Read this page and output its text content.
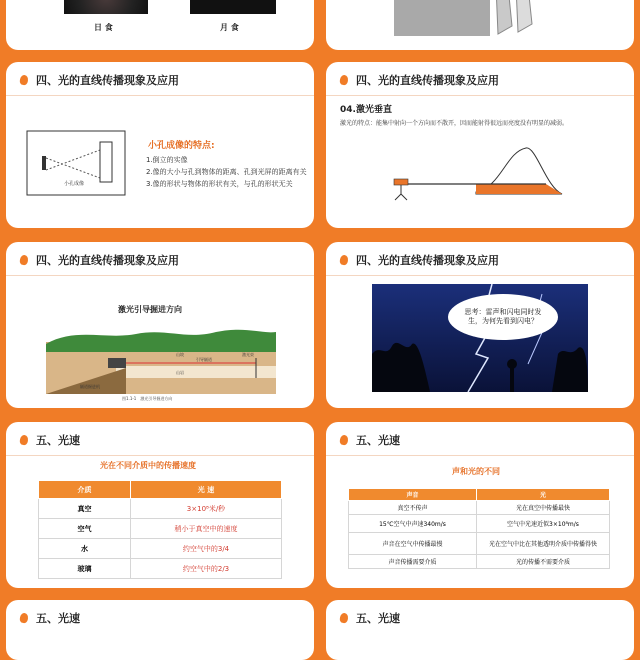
日 食	月 食
四、光的直线传播现象及应用
小孔成像
小孔成像的特点:
1.倒立的实像
2.像的大小与孔到物体的距离、孔到光屏的距离有关
3.像的形状与物体的形状有关，与孔的形状无关
四、光的直线传播现象及应用
04.激光垂直
激光的特点：能集中射向一个方向而不散开，因而能射得很远而亮度没有明显的减弱。
四、光的直线传播现象及应用
激光引导掘进方向
山坡
山岩
引导隧道
隧道掘进机
激光束
图1.1-1　激光引导掘进方向
四、光的直线传播现象及应用
思考：雷声和闪电同时发生，为何先看到闪电？
五、光速
光在不同介质中的传播速度
介质	光 速
真空	3×10⁸米/秒
空气	稍小于真空中的速度
水	约空气中的3/4
玻璃	约空气中的2/3
五、光速
声和光的不同
声音	光
真空不传声	光在真空中传播最快
15℃空气中声速340m/s	空气中光速近似3×10⁸m/s
声音在空气中传播最慢	光在空气中比在其他透明介质中传播得快
声音传播需要介质	光的传播不需要介质
五、光速	五、光速
